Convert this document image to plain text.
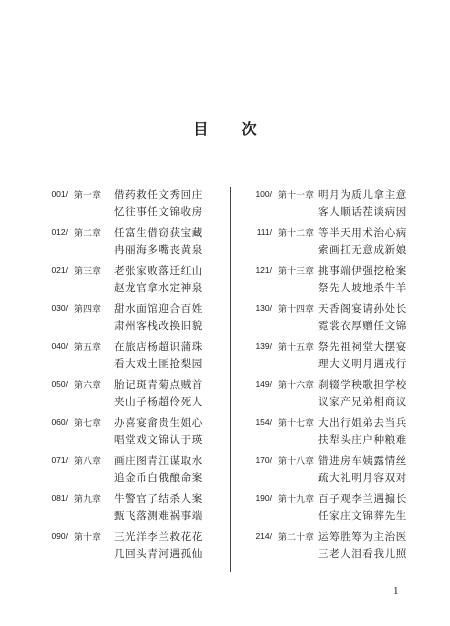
目 次
001/ 第一章	借药救任文秀回庄
忆往事任文锦收房
012/ 第二章	任富生借窃获宝藏
冉丽海多嘴丧黄泉
021/ 第三章	老张家败落迁红山
赵龙官拿水定神泉
030/ 第四章	甜水面馆迎合百姓
肃州客栈改换旧貌
040/ 第五章	在旅店杨超识蒲珠
看大戏土匪抢梨园
050/ 第六章	胎记斑青菊点贼首
夹山子杨超伶死人
060/ 第七章	办喜宴畲贵生姐心
唱堂戏文锦认于瑛
071/ 第八章	画庄图青江谋取水
追金币白俄酿命案
081/ 第九章	牛警官了结杀人案
甄飞落测难祸事端
090/ 第十章	三光洋李兰救花花
几回头青河遇孤仙
100/ 第十一章 明月为质儿拿主意
客人顺话茬谈病因
111/ 第十二章 等半天用术治心病
索画扛无意成新娘
121/ 第十三章 挑事端伊强挖枪案
祭先人坡地杀牛羊
130/ 第十四章 天香阁宴请孙处长
霓裳衣厚赠任文锦
139/ 第十五章 祭先祖祠堂大摆宴
理大义明月遇戎行
149/ 第十六章 刹辍学秧歌担学校
议家产兄弟相商议
154/ 第十七章 大出行姐弟去当兵
扶犁头庄户种粮难
170/ 第十八章 错进房车姨露情丝
疏大礼明月容双对
190/ 第十九章 百子观李兰遇搧长
任家庄文锦葬先生
214/ 第二十章 运筹胜筹为主治医
三老人泪看我儿照
1
